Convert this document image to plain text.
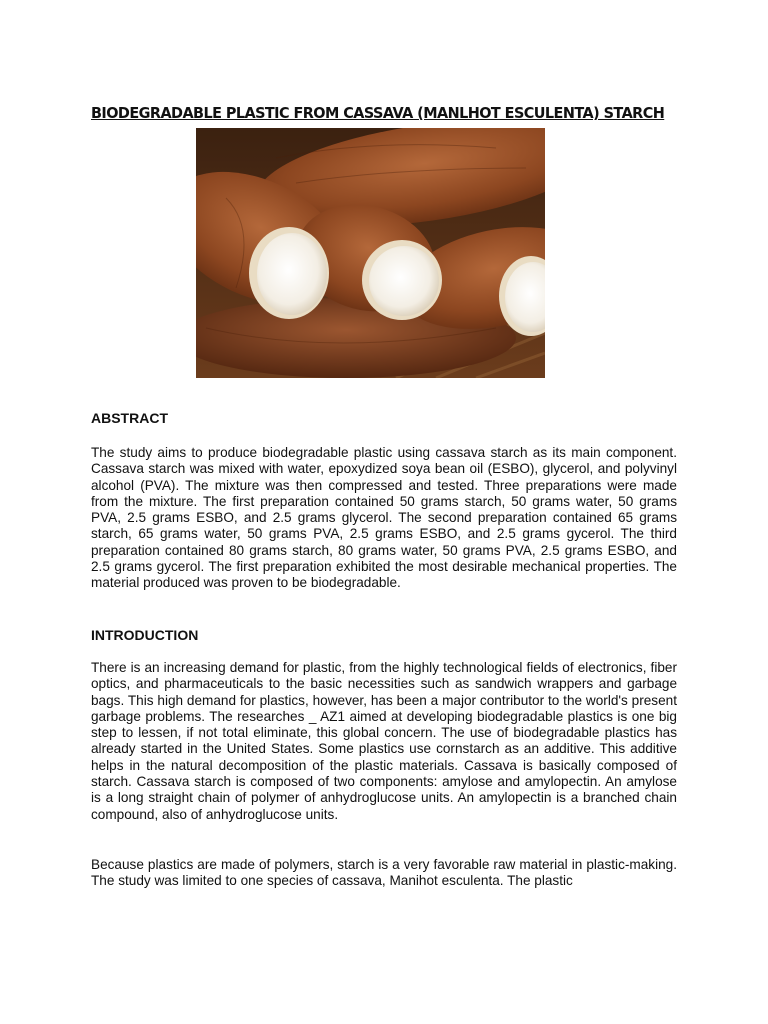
BIODEGRADABLE PLASTIC FROM CASSAVA (MANLHOT ESCULENTA) STARCH
ABSTRACT

The study aims to produce biodegradable plastic using cassava starch as its main component. Cassava starch was mixed with water, epoxydized soya bean oil (ESBO), glycerol, and polyvinyl alcohol (PVA). The mixture was then compressed and tested. Three preparations were made from the mixture. The first preparation contained 50 grams starch, 50 grams water, 50 grams PVA, 2.5 grams ESBO, and 2.5 grams glycerol. The second preparation contained 65 grams starch, 65 grams water, 50 grams PVA, 2.5 grams ESBO, and 2.5 grams gycerol. The third preparation contained 80 grams starch, 80 grams water, 50 grams PVA, 2.5 grams ESBO, and 2.5 grams gycerol. The first preparation exhibited the most desirable mechanical properties. The material produced was proven to be biodegradable.

INTRODUCTION

There is an increasing demand for plastic, from the highly technological fields of electronics, fiber optics, and pharmaceuticals to the basic necessities such as sandwich wrappers and garbage bags. This high demand for plastics, however, has been a major contributor to the world's present garbage problems. The researches _ AZ1 aimed at developing biodegradable plastics is one big step to lessen, if not total eliminate, this global concern. The use of biodegradable plastics has already started in the United States. Some plastics use cornstarch as an additive. This additive helps in the natural decomposition of the plastic materials. Cassava is basically composed of starch. Cassava starch is composed of two components: amylose and amylopectin. An amylose is a long straight chain of polymer of anhydroglucose units. An amylopectin is a branched chain compound, also of anhydroglucose units.

Because plastics are made of polymers, starch is a very favorable raw material in plastic-making. The study was limited to one species of cassava, Manihot esculenta. The plastic
